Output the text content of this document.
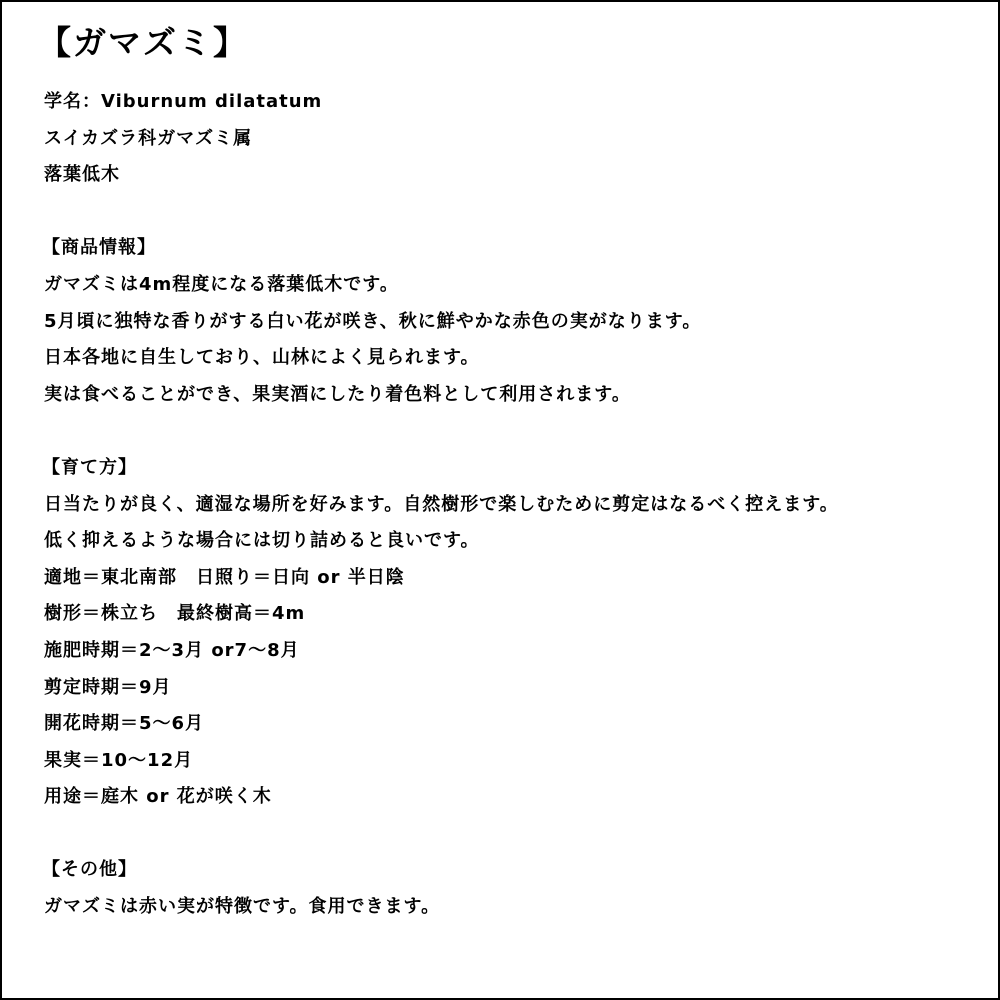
【ガマズミ】
学名：Viburnum dilatatum
スイカズラ科ガマズミ属
落葉低木
【商品情報】
ガマズミは4m程度になる落葉低木です。
5月頃に独特な香りがする白い花が咲き、秋に鮮やかな赤色の実がなります。
日本各地に自生しており、山林によく見られます。
実は食べることができ、果実酒にしたり着色料として利用されます。
【育て方】
日当たりが良く、適湿な場所を好みます。自然樹形で楽しむために剪定はなるべく控えます。
低く抑えるような場合には切り詰めると良いです。
適地＝東北南部　日照り＝日向 or 半日陰
樹形＝株立ち　最終樹高＝4m
施肥時期＝2～3月 or7～8月
剪定時期＝9月
開花時期＝5～6月
果実＝10～12月
用途＝庭木 or 花が咲く木
【その他】
ガマズミは赤い実が特徴です。食用できます。
